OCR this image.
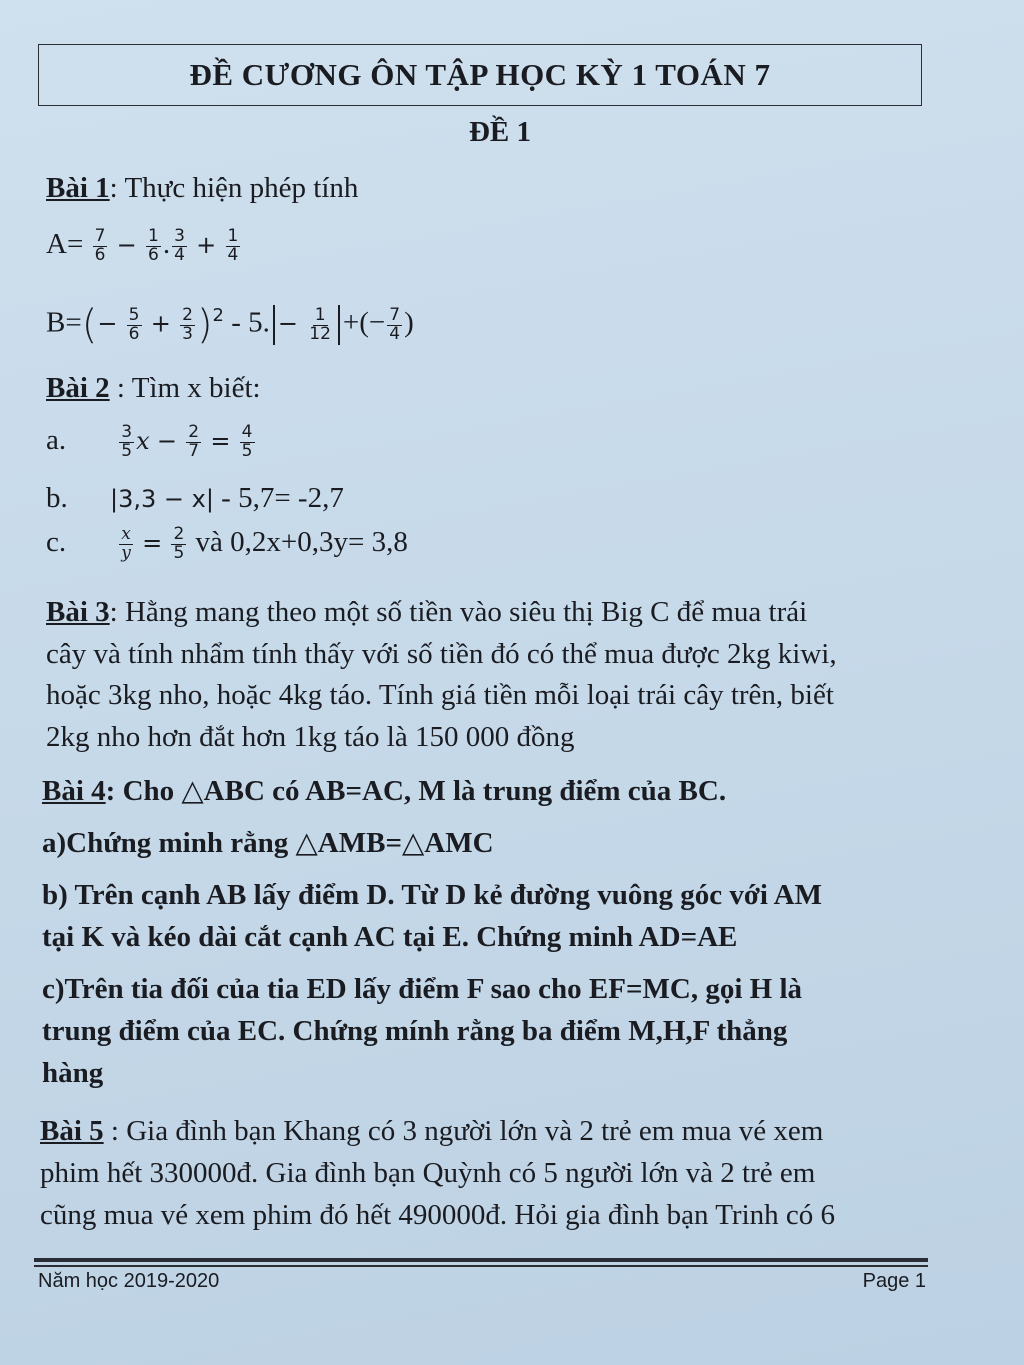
ĐỀ CƯƠNG ÔN TẬP HỌC KỲ 1 TOÁN 7
ĐỀ 1
Bài 1: Thực hiện phép tính
$A= \frac{7}{6} - \frac{1}{6}$ . $\frac{3}{4} + \frac{1}{4}$
$B=(- \frac{5}{6} + \frac{2}{3} )^2 - 5$. − $\frac{1}{12}$ +(− $\frac{7}{4}$ )
Bài 2 : Tìm x biết:
a.	$\frac{3}{5}$ $x - \frac{2}{7} = \frac{4}{5}$
b. |3,3 − x| - 5,7= -2,7
c.	$\frac{x}{y} = \frac{2}{5}$ và 0,2x+0,3y= 3,8
Bài 3: Hằng mang theo một số tiền vào siêu thị Big C để mua trái
cây và tính nhẩm tính thấy với số tiền đó có thể mua được 2kg kiwi,
hoặc 3kg nho, hoặc 4kg táo. Tính giá tiền mỗi loại trái cây trên, biết
2kg nho hơn đắt hơn 1kg táo là 150 000 đồng
Bài 4: Cho △ABC có AB=AC, M là trung điểm của BC.
a)Chứng minh rằng △AMB=△AMC
b) Trên cạnh AB lấy điểm D. Từ D kẻ đường vuông góc với AM
tại K và kéo dài cắt cạnh AC tại E. Chứng minh AD=AE
c)Trên tia đối của tia ED lấy điểm F sao cho EF=MC, gọi H là
trung điểm của EC. Chứng mính rằng ba điểm M,H,F thẳng
hàng
Bài 5 : Gia đình bạn Khang có 3 người lớn và 2 trẻ em mua vé xem
phim hết 330000đ. Gia đình bạn Quỳnh có 5 người lớn và 2 trẻ em
cũng mua vé xem phim đó hết 490000đ. Hỏi gia đình bạn Trinh có 6
Năm học 2019-2020	Page 1
